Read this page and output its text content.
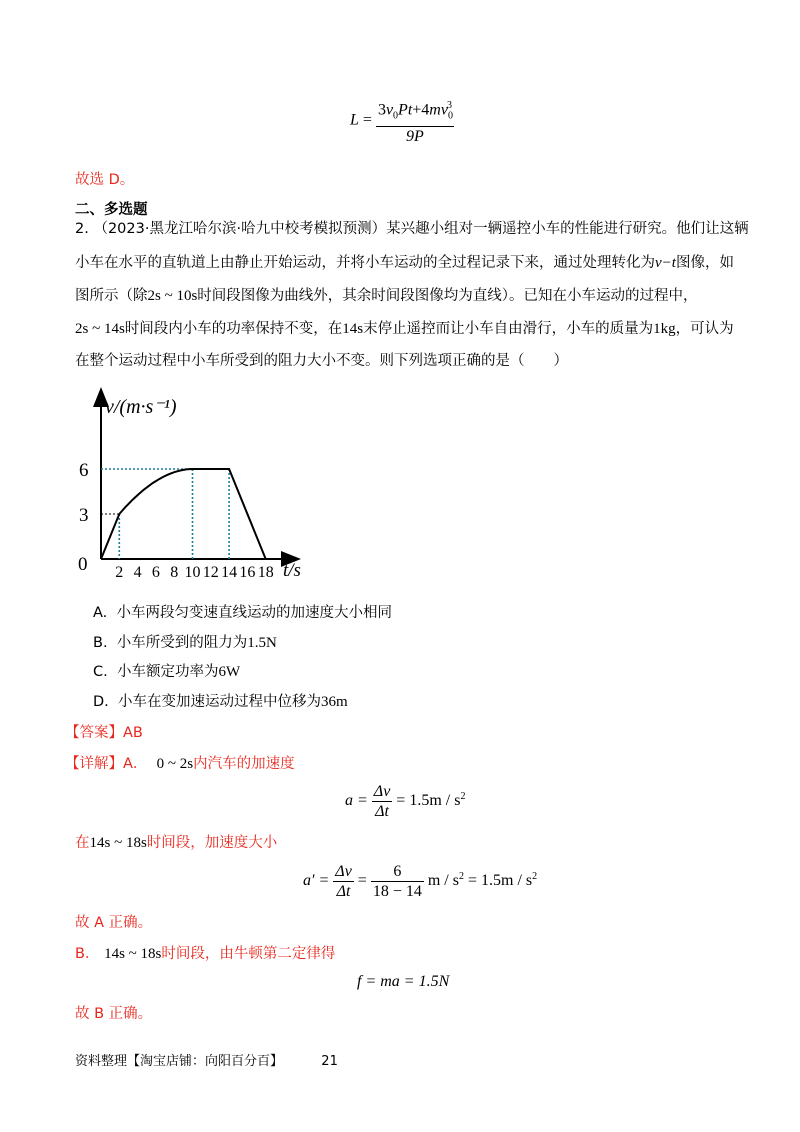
$L = \frac{3v_0Pt+4mv_0^3}{9P}$
故选 D。
二、多选题
2. （2023·黑龙江哈尔滨·哈九中校考模拟预测）某兴趣小组对一辆遥控小车的性能进行研究。他们让这辆
小车在水平的直轨道上由静止开始运动，并将小车运动的全过程记录下来，通过处理转化为v−t图像，如
图所示（除2s ~ 10s时间段图像为曲线外，其余时间段图像均为直线）。已知在小车运动的过程中，
2s ~ 14s时间段内小车的功率保持不变，在14s末停止遥控而让小车自由滑行，小车的质量为1kg，可认为
在整个运动过程中小车所受到的阻力大小不变。则下列选项正确的是（　　）
2 4 6 8 10 12 14 16 18
3
6
0
v/(m·s⁻¹)
t/s
A. 小车两段匀变速直线运动的加速度大小相同
B. 小车所受到的阻力为1.5N
C. 小车额定功率为6W
D. 小车在变加速运动过程中位移为36m
【答案】AB
【详解】A． 0 ~ 2s内汽车的加速度
$a = \frac{\Delta v}{\Delta t} = 1.5m / s^2$
在14s ~ 18s时间段，加速度大小
$a' = \frac{\Delta v}{\Delta t} = \frac{6}{18 - 14}$ $m / s^2 = 1.5m / s^2$
故 A 正确。
B． 14s ~ 18s时间段，由牛顿第二定律得
f = ma = 1.5N
故 B 正确。
资料整理【淘宝店铺：向阳百分百】	21
